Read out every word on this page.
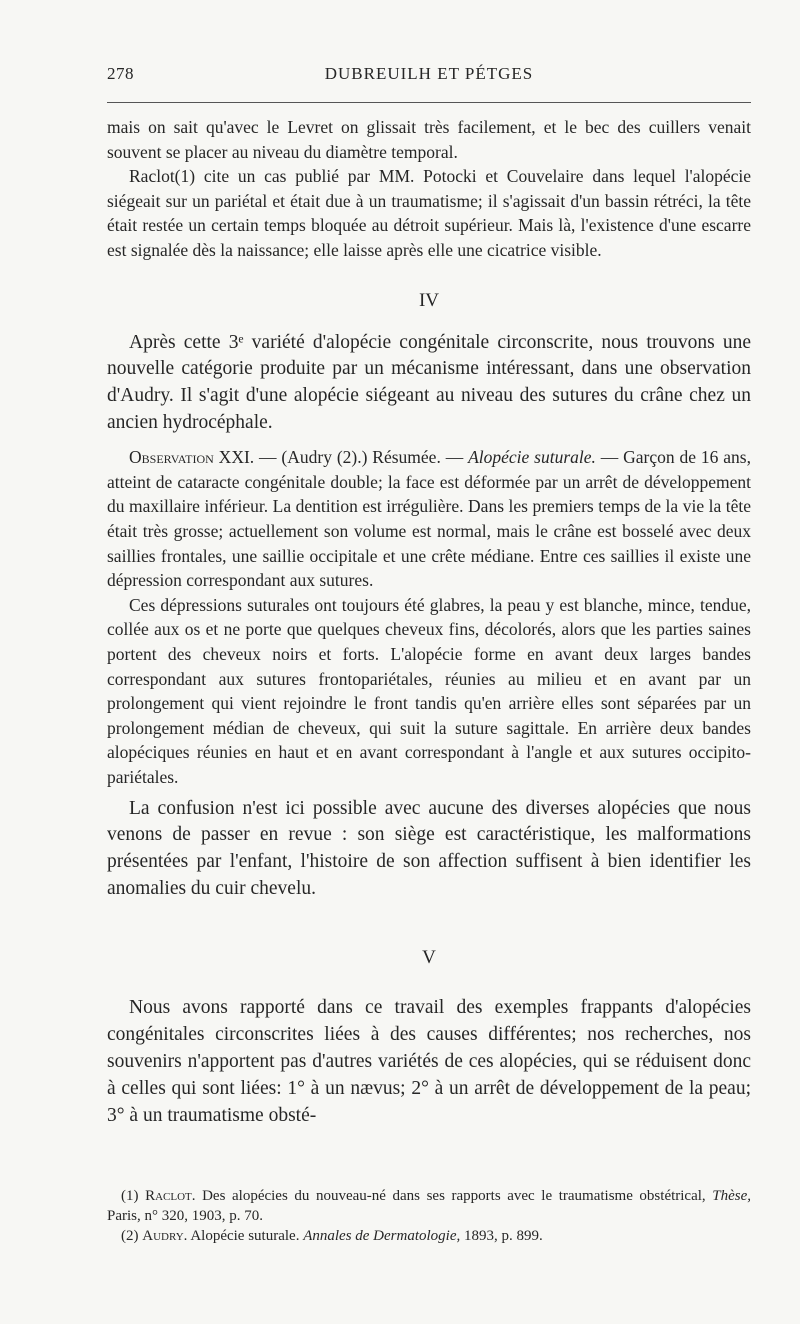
278	DUBREUILH ET PÉTGES

mais on sait qu'avec le Levret on glissait très facilement, et le bec des cuillers venait souvent se placer au niveau du diamètre temporal.

Raclot(1) cite un cas publié par MM. Potocki et Couvelaire dans lequel l'alopécie siégeait sur un pariétal et était due à un traumatisme; il s'agissait d'un bassin rétréci, la tête était restée un certain temps bloquée au détroit supérieur. Mais là, l'existence d'une escarre est signalée dès la naissance; elle laisse après elle une cicatrice visible.

IV

Après cette 3ᵉ variété d'alopécie congénitale circonscrite, nous trouvons une nouvelle catégorie produite par un mécanisme intéressant, dans une observation d'Audry. Il s'agit d'une alopécie siégeant au niveau des sutures du crâne chez un ancien hydrocéphale.

Observation XXI. — (Audry (2).) Résumée. — Alopécie suturale. — Garçon de 16 ans, atteint de cataracte congénitale double; la face est déformée par un arrêt de développement du maxillaire inférieur. La dentition est irrégulière. Dans les premiers temps de la vie la tête était très grosse; actuellement son volume est normal, mais le crâne est bosselé avec deux saillies frontales, une saillie occipitale et une crête médiane. Entre ces saillies il existe une dépression correspondant aux sutures.

Ces dépressions suturales ont toujours été glabres, la peau y est blanche, mince, tendue, collée aux os et ne porte que quelques cheveux fins, décolorés, alors que les parties saines portent des cheveux noirs et forts. L'alopécie forme en avant deux larges bandes correspondant aux sutures frontopariétales, réunies au milieu et en avant par un prolongement qui vient rejoindre le front tandis qu'en arrière elles sont séparées par un prolongement médian de cheveux, qui suit la suture sagittale. En arrière deux bandes alopéciques réunies en haut et en avant correspondant à l'angle et aux sutures occipito-pariétales.

La confusion n'est ici possible avec aucune des diverses alopécies que nous venons de passer en revue : son siège est caractéristique, les malformations présentées par l'enfant, l'histoire de son affection suffisent à bien identifier les anomalies du cuir chevelu.

V

Nous avons rapporté dans ce travail des exemples frappants d'alopécies congénitales circonscrites liées à des causes différentes; nos recherches, nos souvenirs n'apportent pas d'autres variétés de ces alopécies, qui se réduisent donc à celles qui sont liées: 1° à un nævus; 2° à un arrêt de développement de la peau; 3° à un traumatisme obsté-

(1) Raclot. Des alopécies du nouveau-né dans ses rapports avec le traumatisme obstétrical, Thèse, Paris, n° 320, 1903, p. 70.

(2) Audry. Alopécie suturale. Annales de Dermatologie, 1893, p. 899.
